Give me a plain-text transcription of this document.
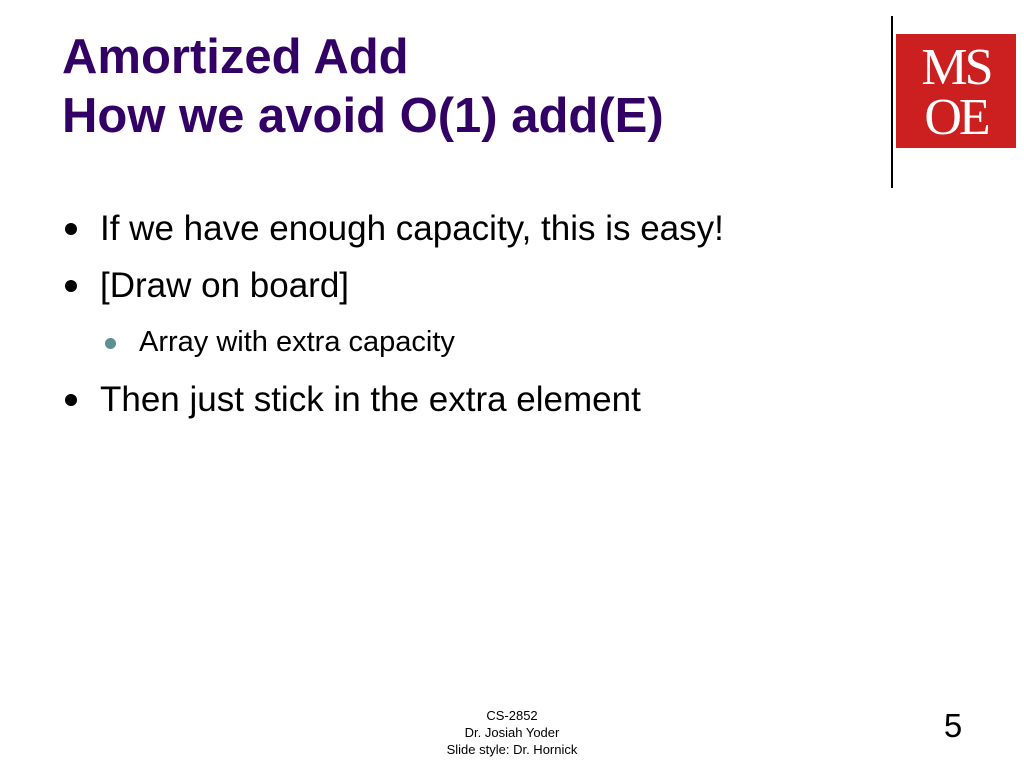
Amortized Add
How we avoid O(1) add(E)
MS
OE
If we have enough capacity, this is easy!
[Draw on board]
Array with extra capacity
Then just stick in the extra element
CS-2852
Dr. Josiah Yoder
Slide style: Dr. Hornick
5
